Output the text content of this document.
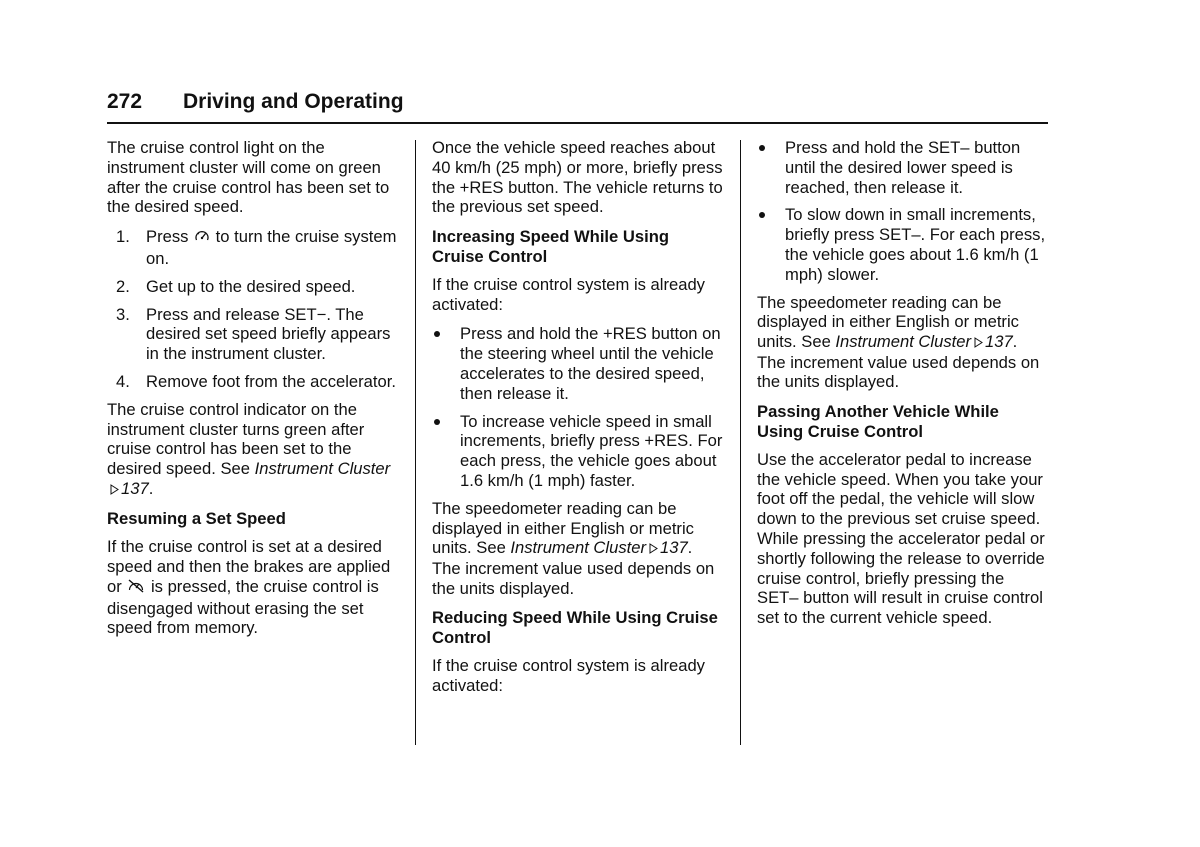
272 Driving and Operating

The cruise control light on the instrument cluster will come on green after the cruise control has been set to the desired speed.

1. Press  to turn the cruise system on.
2. Get up to the desired speed.
3. Press and release SET−. The desired set speed briefly appears in the instrument cluster.
4. Remove foot from the accelerator.

The cruise control indicator on the instrument cluster turns green after cruise control has been set to the desired speed. See Instrument Cluster137.

Resuming a Set Speed

If the cruise control is set at a desired speed and then the brakes are applied or  is pressed, the cruise control is disengaged without erasing the set speed from memory.

Once the vehicle speed reaches about 40 km/h (25 mph) or more, briefly press the +RES button. The vehicle returns to the previous set speed.

Increasing Speed While Using Cruise Control

If the cruise control system is already activated:

Press and hold the +RES button on the steering wheel until the vehicle accelerates to the desired speed, then release it.
To increase vehicle speed in small increments, briefly press +RES. For each press, the vehicle goes about 1.6 km/h (1 mph) faster.

The speedometer reading can be displayed in either English or metric units. See Instrument Cluster 137. The increment value used depends on the units displayed.

Reducing Speed While Using Cruise Control

If the cruise control system is already activated:

Press and hold the SET– button until the desired lower speed is reached, then release it.
To slow down in small increments, briefly press SET–. For each press, the vehicle goes about 1.6 km/h (1 mph) slower.

The speedometer reading can be displayed in either English or metric units. See Instrument Cluster 137. The increment value used depends on the units displayed.

Passing Another Vehicle While Using Cruise Control

Use the accelerator pedal to increase the vehicle speed. When you take your foot off the pedal, the vehicle will slow down to the previous set cruise speed. While pressing the accelerator pedal or shortly following the release to override cruise control, briefly pressing the SET– button will result in cruise control set to the current vehicle speed.
